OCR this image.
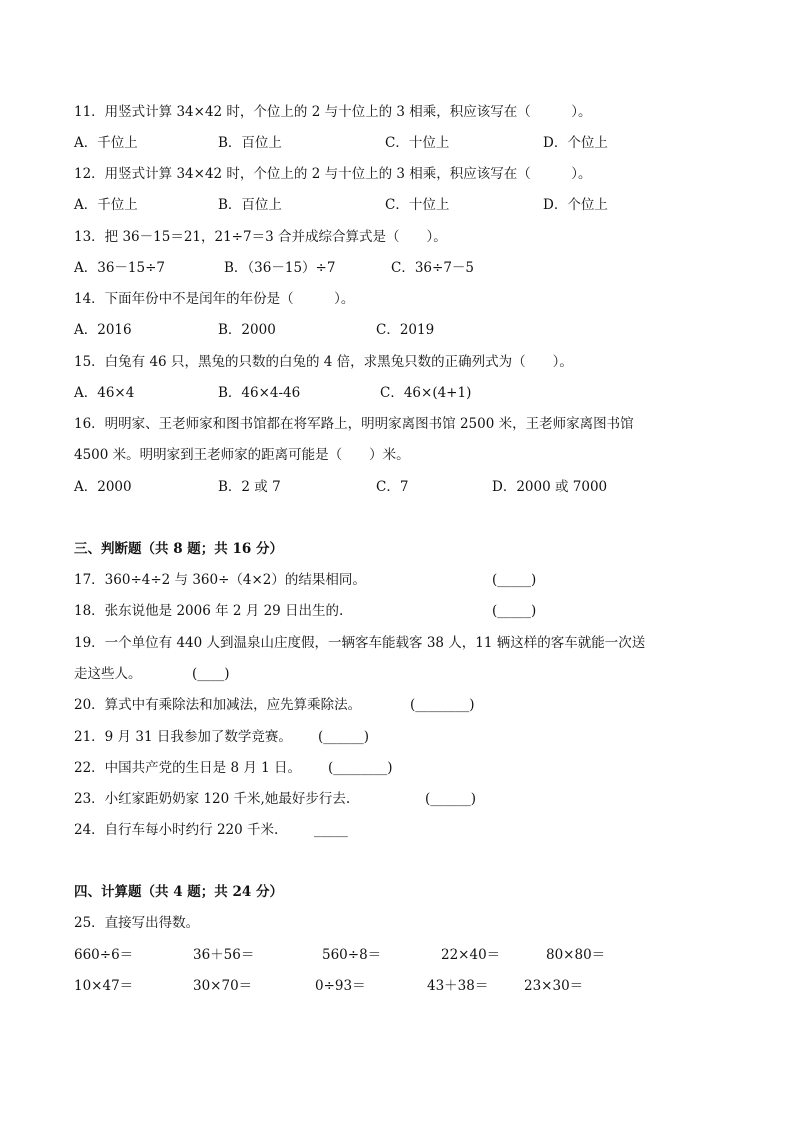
11．用竖式计算 34×42 时，个位上的 2 与十位上的 3 相乘，积应该写在（　　　）。
A．千位上	B．百位上	C．十位上	D．个位上
12．用竖式计算 34×42 时，个位上的 2 与十位上的 3 相乘，积应该写在（　　　）。
A．千位上	B．百位上	C．十位上	D．个位上
13．把 36－15＝21，21÷7＝3 合并成综合算式是（　　）。
A．36－15÷7	B．（36－15）÷7	C．36÷7－5
14．下面年份中不是闰年的年份是（　　　）。
A．2016	B．2000	C．2019
15．白兔有 46 只，黑兔的只数的白兔的 4 倍，求黑兔只数的正确列式为（　　）。
A．46×4	B．46×4-46	C．46×(4+1)
16．明明家、王老师家和图书馆都在将军路上，明明家离图书馆 2500 米，王老师家离图书馆
4500 米。明明家到王老师家的距离可能是（　　）米。
A．2000	B．2 或 7	C．7	D．2000 或 7000
三、判断题（共 8 题；共 16 分）
17．360÷4÷2 与 360÷（4×2）的结果相同。	(_____)
18．张东说他是 2006 年 2 月 29 日出生的.	(_____)
19．一个单位有 440 人到温泉山庄度假，一辆客车能载客 38 人，11 辆这样的客车就能一次送
走这些人。	(____)
20．算式中有乘除法和加减法，应先算乘除法。	(________)
21．9 月 31 日我参加了数学竞赛。 (______)
22．中国共产党的生日是 8 月 1 日。 (________)
23．小红家距奶奶家 120 千米,她最好步行去.	(______)
24．自行车每小时约行 220 千米.	_____
四、计算题（共 4 题；共 24 分）
25．直接写出得数。
660÷6＝	36＋56＝	560÷8＝	22×40＝	80×80＝
10×47＝	30×70＝	0÷93＝	43＋38＝	23×30＝
